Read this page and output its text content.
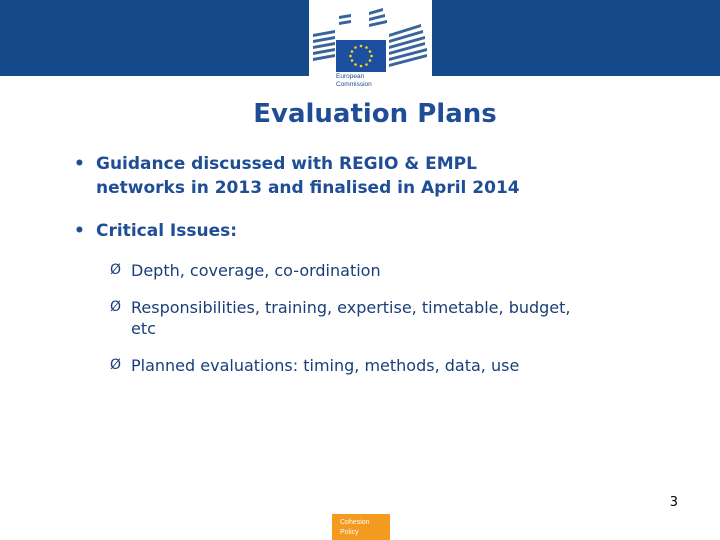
European
Commission
Evaluation Plans
• Guidance discussed with REGIO & EMPL
networks in 2013 and finalised in April 2014
• Critical Issues:
Ø Depth, coverage, co-ordination
Ø Responsibilities, training, expertise, timetable, budget,
etc
Ø Planned evaluations: timing, methods, data, use
3
Cohesion
Policy
